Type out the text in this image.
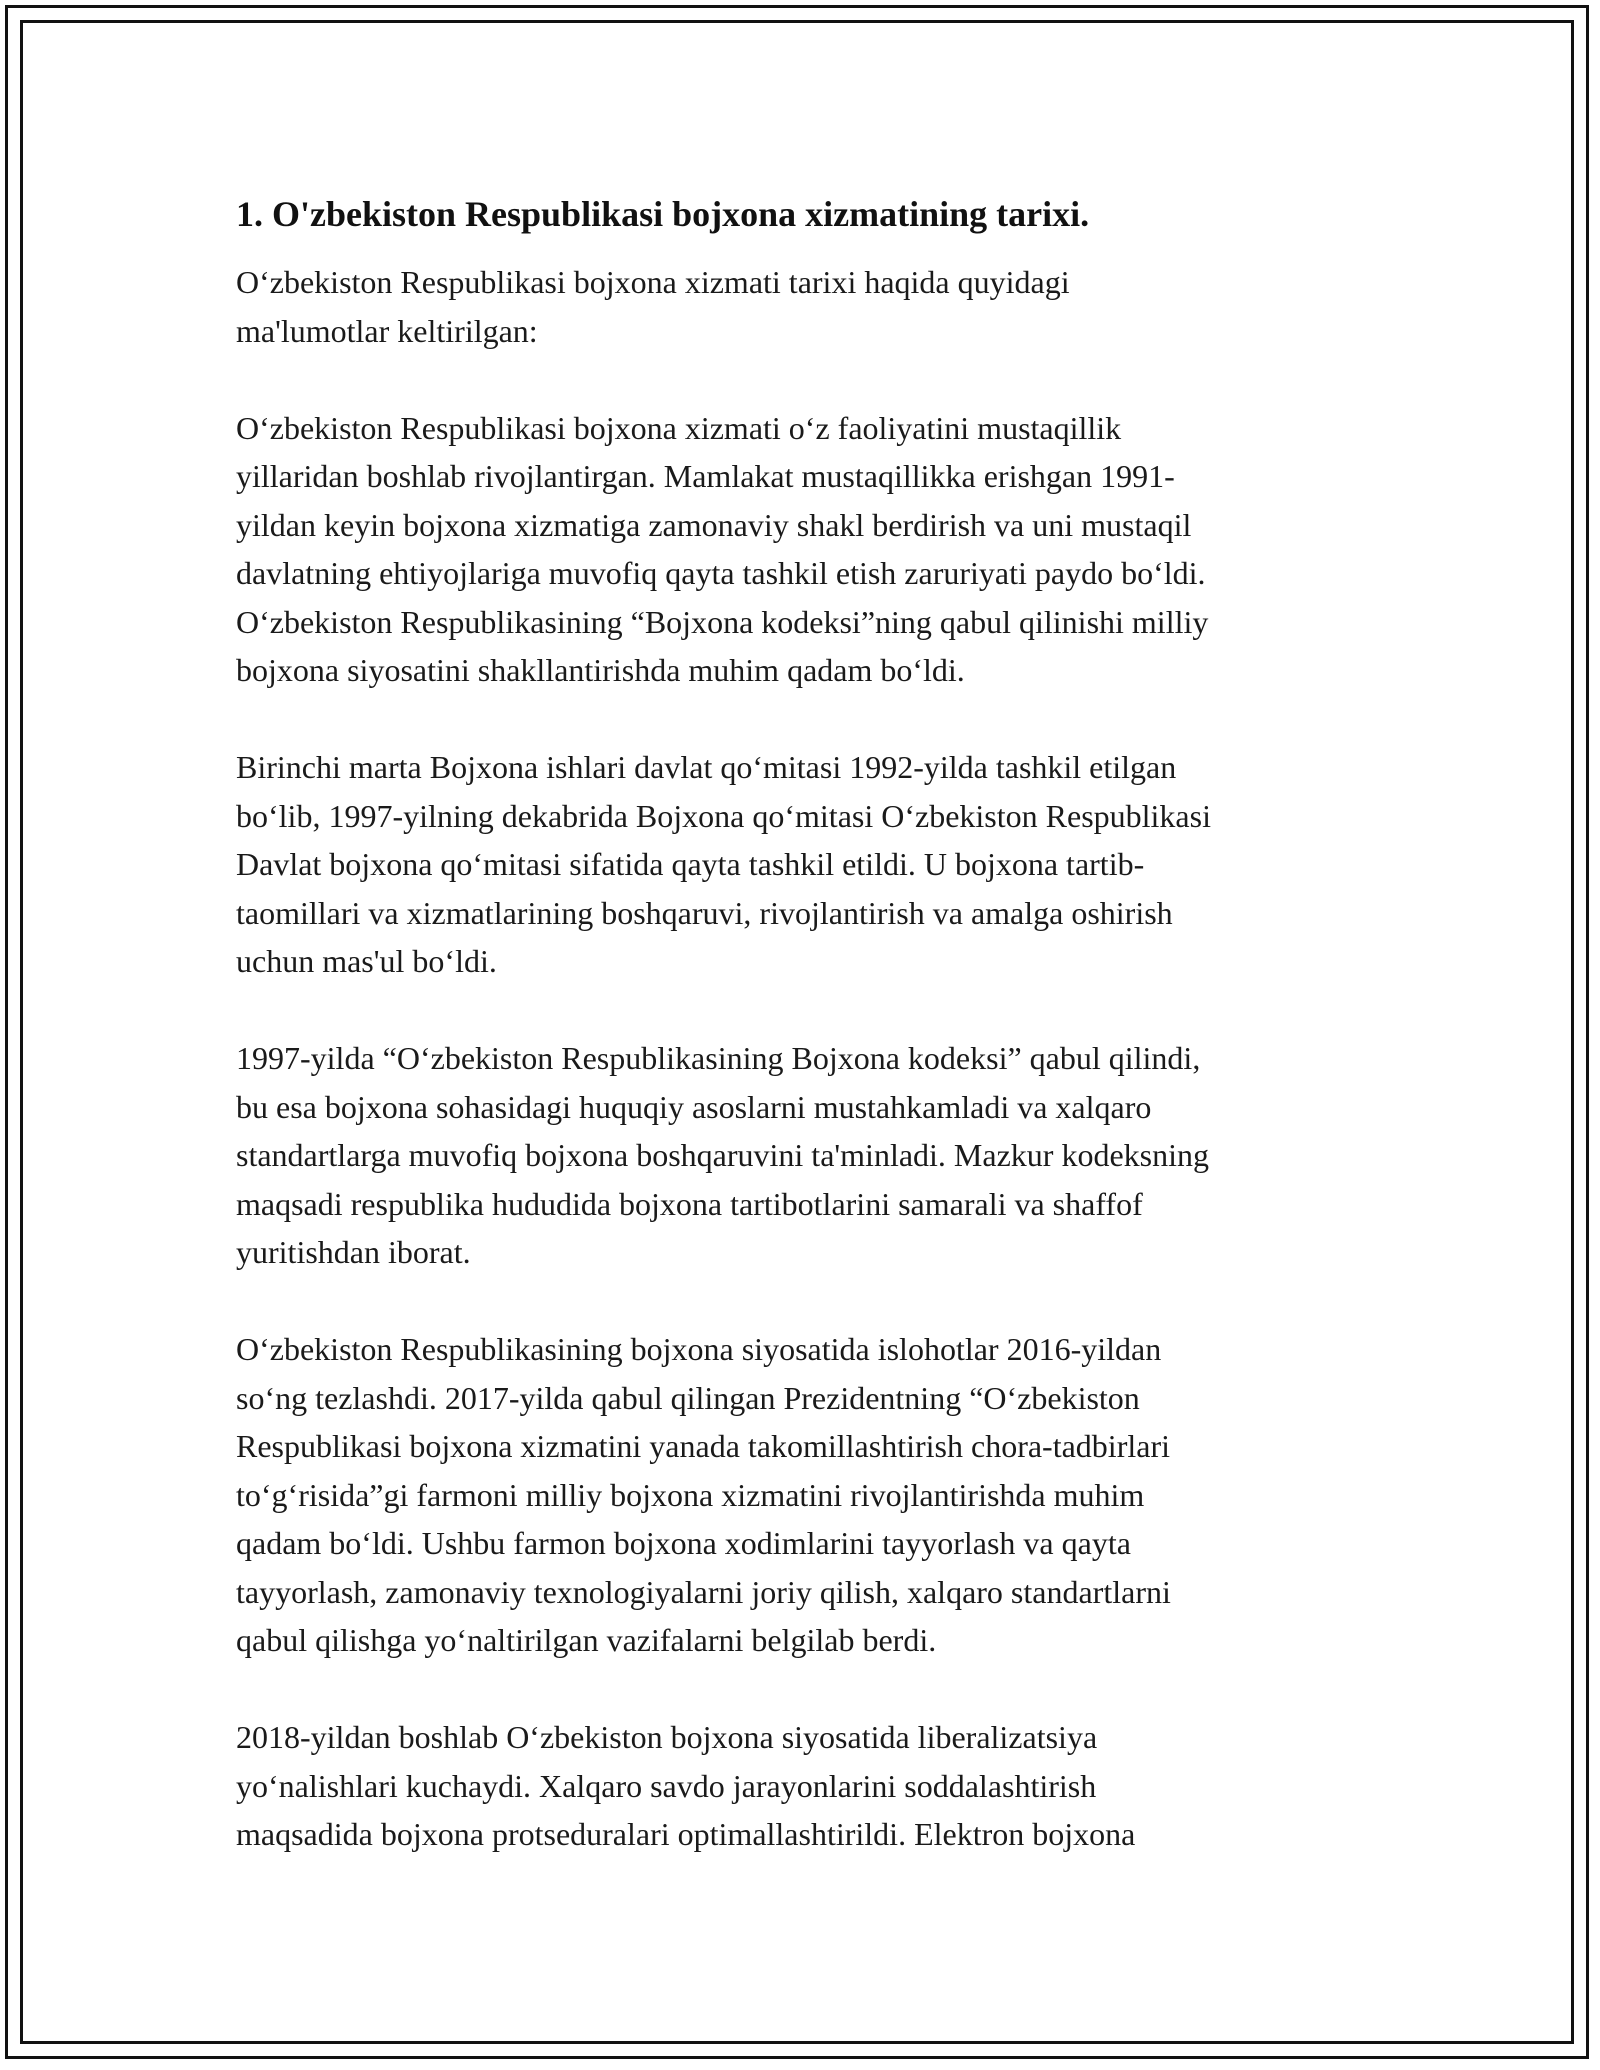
1. O'zbekiston Respublikasi bojxona xizmatining tarixi.

O‘zbekiston Respublikasi bojxona xizmati tarixi haqida quyidagi
ma'lumotlar keltirilgan:

O‘zbekiston Respublikasi bojxona xizmati o‘z faoliyatini mustaqillik
yillaridan boshlab rivojlantirgan. Mamlakat mustaqillikka erishgan 1991-
yildan keyin bojxona xizmatiga zamonaviy shakl berdirish va uni mustaqil
davlatning ehtiyojlariga muvofiq qayta tashkil etish zaruriyati paydo bo‘ldi.
O‘zbekiston Respublikasining “Bojxona kodeksi”ning qabul qilinishi milliy
bojxona siyosatini shakllantirishda muhim qadam bo‘ldi.

Birinchi marta Bojxona ishlari davlat qo‘mitasi 1992-yilda tashkil etilgan
bo‘lib, 1997-yilning dekabrida Bojxona qo‘mitasi O‘zbekiston Respublikasi
Davlat bojxona qo‘mitasi sifatida qayta tashkil etildi. U bojxona tartib-
taomillari va xizmatlarining boshqaruvi, rivojlantirish va amalga oshirish
uchun mas'ul bo‘ldi.

1997-yilda “O‘zbekiston Respublikasining Bojxona kodeksi” qabul qilindi,
bu esa bojxona sohasidagi huquqiy asoslarni mustahkamladi va xalqaro
standartlarga muvofiq bojxona boshqaruvini ta'minladi. Mazkur kodeksning
maqsadi respublika hududida bojxona tartibotlarini samarali va shaffof
yuritishdan iborat.

O‘zbekiston Respublikasining bojxona siyosatida islohotlar 2016-yildan
so‘ng tezlashdi. 2017-yilda qabul qilingan Prezidentning “O‘zbekiston
Respublikasi bojxona xizmatini yanada takomillashtirish chora-tadbirlari
to‘g‘risida”gi farmoni milliy bojxona xizmatini rivojlantirishda muhim
qadam bo‘ldi. Ushbu farmon bojxona xodimlarini tayyorlash va qayta
tayyorlash, zamonaviy texnologiyalarni joriy qilish, xalqaro standartlarni
qabul qilishga yo‘naltirilgan vazifalarni belgilab berdi.

2018-yildan boshlab O‘zbekiston bojxona siyosatida liberalizatsiya
yo‘nalishlari kuchaydi. Xalqaro savdo jarayonlarini soddalashtirish
maqsadida bojxona protseduralari optimallashtirildi. Elektron bojxona
